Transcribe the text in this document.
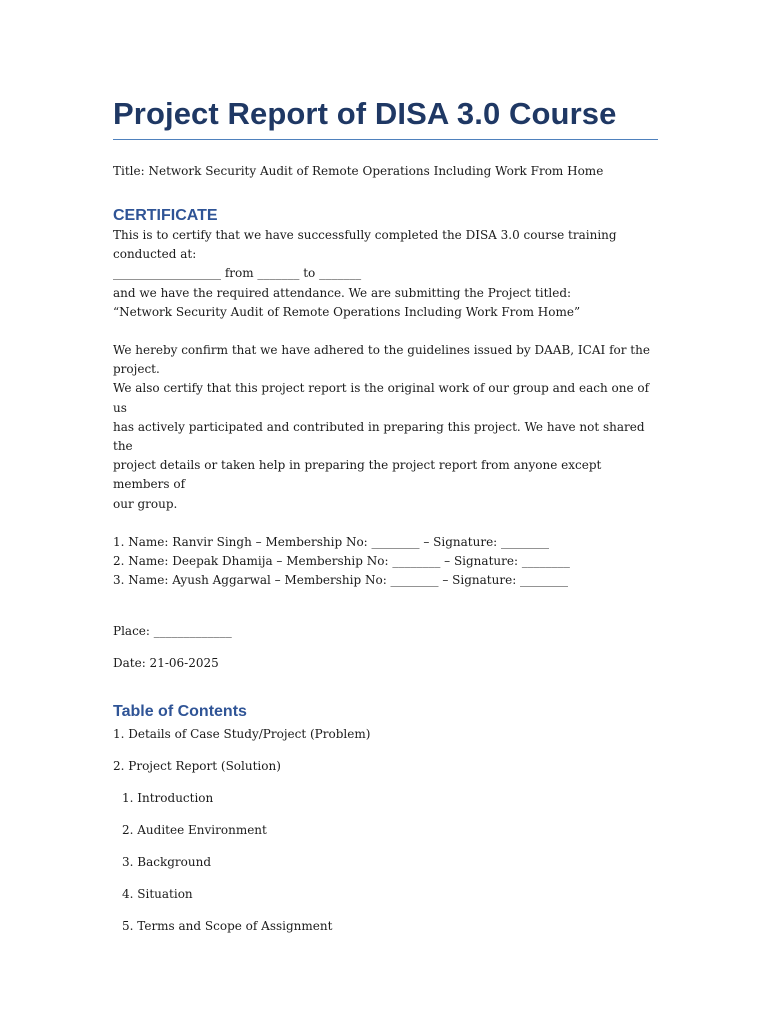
Project Report of DISA 3.0 Course

Title: Network Security Audit of Remote Operations Including Work From Home

CERTIFICATE

This is to certify that we have successfully completed the DISA 3.0 course training

conducted at:

__________________ from _______ to _______

and we have the required attendance. We are submitting the Project titled:

“Network Security Audit of Remote Operations Including Work From Home”

We hereby confirm that we have adhered to the guidelines issued by DAAB, ICAI for the

project.

We also certify that this project report is the original work of our group and each one of us

has actively participated and contributed in preparing this project. We have not shared the

project details or taken help in preparing the project report from anyone except members of

our group.

1. Name: Ranvir Singh – Membership No: ________ – Signature: ________

2. Name: Deepak Dhamija – Membership No: ________ – Signature: ________

3. Name: Ayush Aggarwal – Membership No: ________ – Signature: ________

Place: _____________

Date: 21-06-2025

Table of Contents

1. Details of Case Study/Project (Problem)

2. Project Report (Solution)

1. Introduction

2. Auditee Environment

3. Background

4. Situation

5. Terms and Scope of Assignment
